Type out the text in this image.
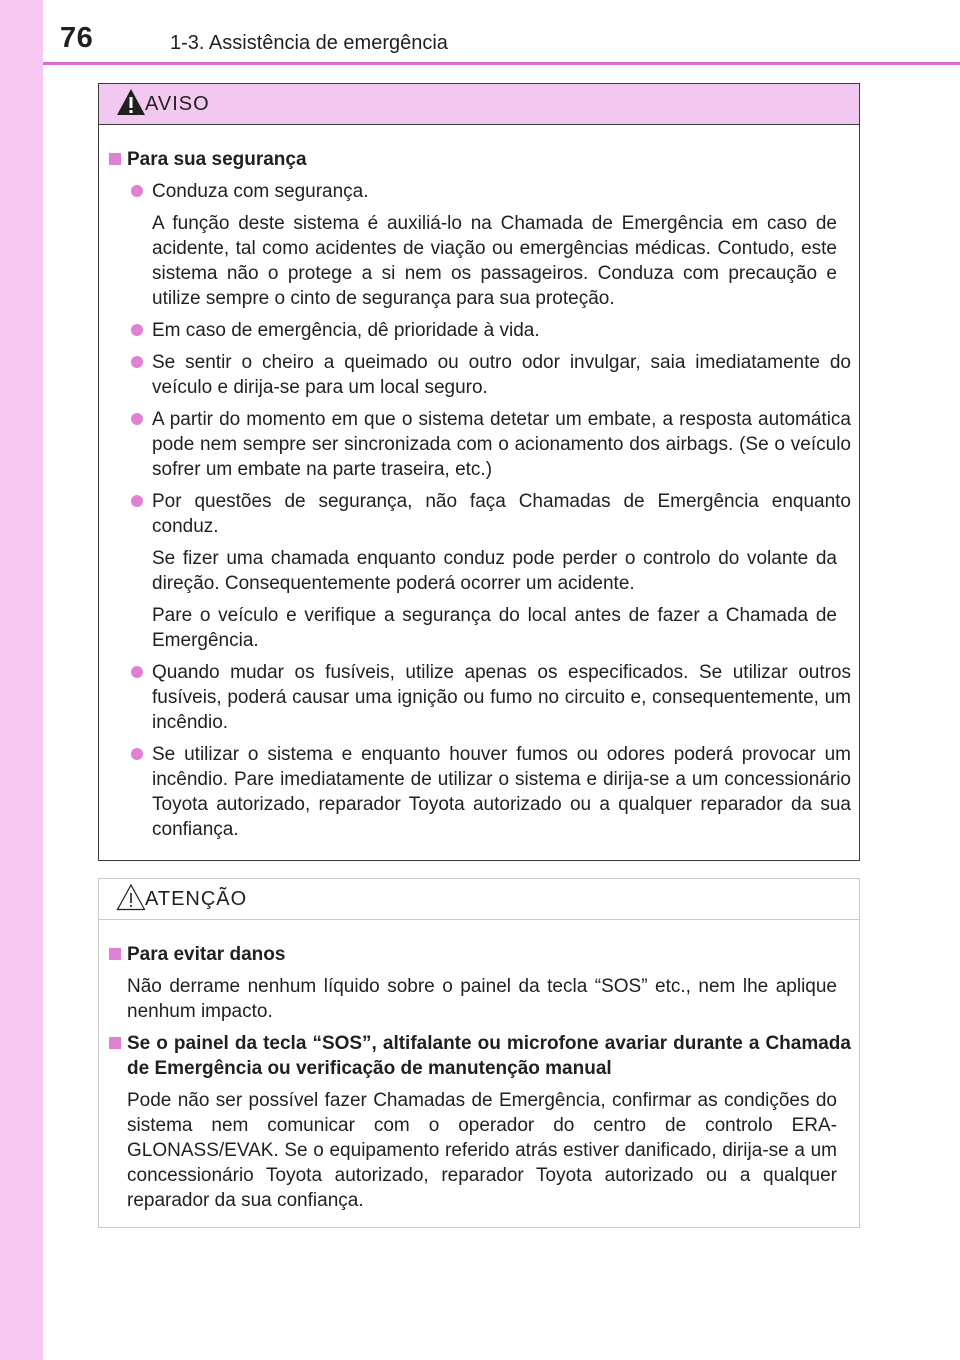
76	1-3. Assistência de emergência
AVISO
Para sua segurança
Conduza com segurança.
A função deste sistema é auxiliá-lo na Chamada de Emergência em caso de acidente, tal como acidentes de viação ou emergências médicas. Contudo, este sistema não o protege a si nem os passageiros. Conduza com precaução e utilize sempre o cinto de segurança para sua proteção.
Em caso de emergência, dê prioridade à vida.
Se sentir o cheiro a queimado ou outro odor invulgar, saia imediatamente do veículo e dirija-se para um local seguro.
A partir do momento em que o sistema detetar um embate, a resposta automática pode nem sempre ser sincronizada com o acionamento dos airbags. (Se o veículo sofrer um embate na parte traseira, etc.)
Por questões de segurança, não faça Chamadas de Emergência enquanto conduz.
Se fizer uma chamada enquanto conduz pode perder o controlo do volante da direção. Consequentemente poderá ocorrer um acidente.
Pare o veículo e verifique a segurança do local antes de fazer a Chamada de Emergência.
Quando mudar os fusíveis, utilize apenas os especificados. Se utilizar outros fusíveis, poderá causar uma ignição ou fumo no circuito e, consequentemente, um incêndio.
Se utilizar o sistema e enquanto houver fumos ou odores poderá provocar um incêndio. Pare imediatamente de utilizar o sistema e dirija-se a um concessionário Toyota autorizado, reparador Toyota autorizado ou a qualquer reparador da sua confiança.
ATENÇÃO
Para evitar danos
Não derrame nenhum líquido sobre o painel da tecla “SOS” etc., nem lhe aplique nenhum impacto.
Se o painel da tecla “SOS”, altifalante ou microfone avariar durante a Chamada de Emergência ou verificação de manutenção manual
Pode não ser possível fazer Chamadas de Emergência, confirmar as condições do sistema nem comunicar com o operador do centro de controlo ERA-GLONASS/EVAK. Se o equipamento referido atrás estiver danificado, dirija-se a um concessionário Toyota autorizado, reparador Toyota autorizado ou a qualquer reparador da sua confiança.
